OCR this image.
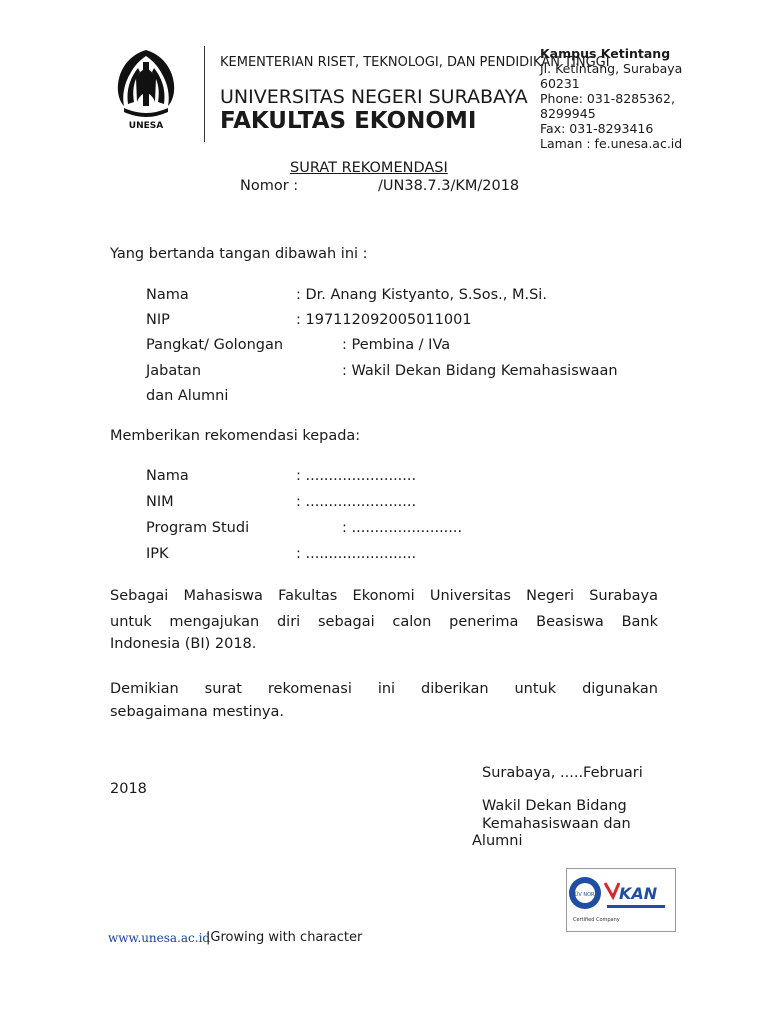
UNESA
KEMENTERIAN RISET, TEKNOLOGI, DAN PENDIDIKAN TINGGI
UNIVERSITAS NEGERI SURABAYA
FAKULTAS EKONOMI
Kampus Ketintang
Jl. Ketintang, Surabaya
60231
Phone: 031-8285362,
8299945
Fax: 031-8293416
Laman : fe.unesa.ac.id
SURAT REKOMENDASI
Nomor :	/UN38.7.3/KM/2018
Yang bertanda tangan dibawah ini :
Nama	: Dr. Anang Kistyanto, S.Sos., M.Si.
NIP	: 197112092005011001
Pangkat/ Golongan	: Pembina / IVa
Jabatan	: Wakil Dekan Bidang Kemahasiswaan
dan Alumni
Memberikan rekomendasi kepada:
Nama	: ........................
NIM	: ........................
Program Studi	: ........................
IPK	: ........................
Sebagai Mahasiswa Fakultas Ekonomi Universitas Negeri Surabaya
untuk mengajukan diri sebagai calon penerima Beasiswa Bank
Indonesia (BI) 2018.
Demikian surat rekomenasi ini diberikan untuk digunakan
sebagaimana mestinya.
Surabaya, .....Februari
2018
Wakil Dekan Bidang
Kemahasiswaan dan
Alumni
TÜV NORD KAN
Certified Company
www.unesa.ac.id
|Growing with character
